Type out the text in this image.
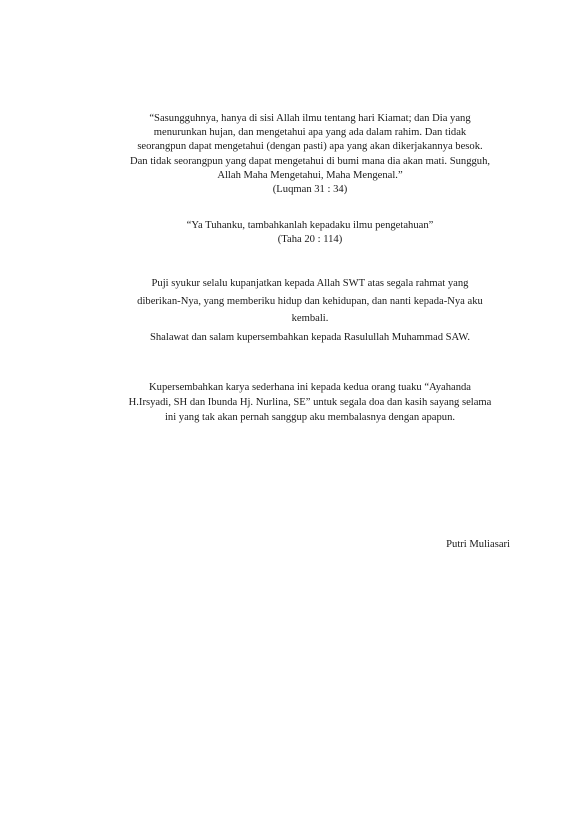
“Sasungguhnya, hanya di sisi Allah ilmu tentang hari Kiamat; dan Dia yang
menurunkan hujan, dan mengetahui apa yang ada dalam rahim. Dan tidak
seorangpun dapat mengetahui (dengan pasti) apa yang akan dikerjakannya besok.
Dan tidak seorangpun yang dapat mengetahui di bumi mana dia akan mati. Sungguh,
Allah Maha Mengetahui, Maha Mengenal.”
(Luqman 31 : 34)
“Ya Tuhanku, tambahkanlah kepadaku ilmu pengetahuan”
(Taha 20 : 114)
Puji syukur selalu kupanjatkan kepada Allah SWT atas segala rahmat yang
diberikan-Nya, yang memberiku hidup dan kehidupan, dan nanti kepada-Nya aku
kembali.
Shalawat dan salam kupersembahkan kepada Rasulullah Muhammad SAW.
Kupersembahkan karya sederhana ini kepada kedua orang tuaku “Ayahanda
H.Irsyadi, SH dan Ibunda Hj. Nurlina, SE” untuk segala doa dan kasih sayang selama
ini yang tak akan pernah sanggup aku membalasnya dengan apapun.
Putri Muliasari
